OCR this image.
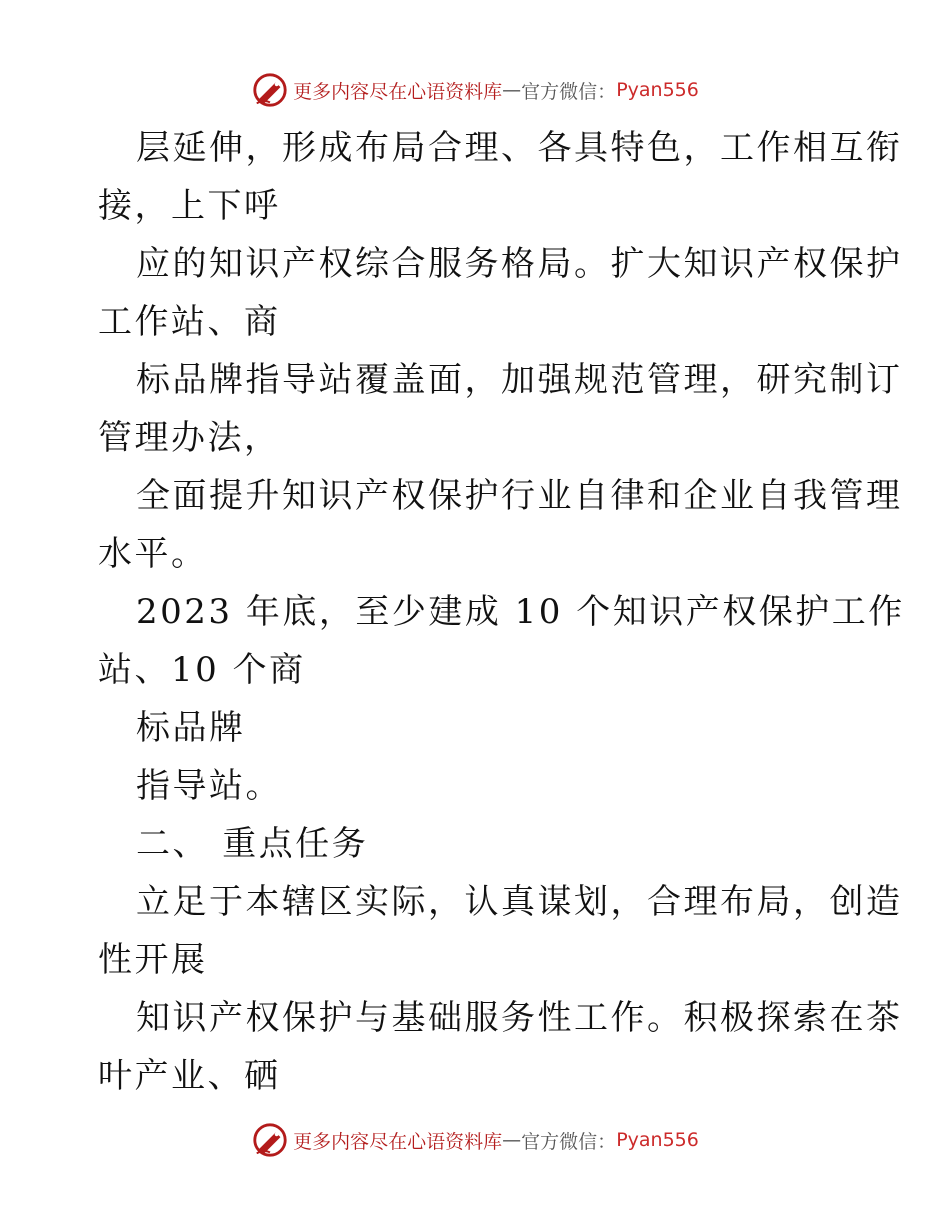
更多内容尽在心语资料库 — 官方微信： Pyan556
层延伸，形成布局合理、各具特色，工作相互衔
接，上下呼
应的知识产权综合服务格局。扩大知识产权保护
工作站、商
标品牌指导站覆盖面，加强规范管理，研究制订
管理办法，
全面提升知识产权保护行业自律和企业自我管理
水平。
2023 年底，至少建成 10 个知识产权保护工作
站、10 个商
标品牌
指导站。
二、 重点任务
立足于本辖区实际，认真谋划，合理布局，创造
性开展
知识产权保护与基础服务性工作。积极探索在茶
叶产业、硒
更多内容尽在心语资料库 — 官方微信： Pyan556
